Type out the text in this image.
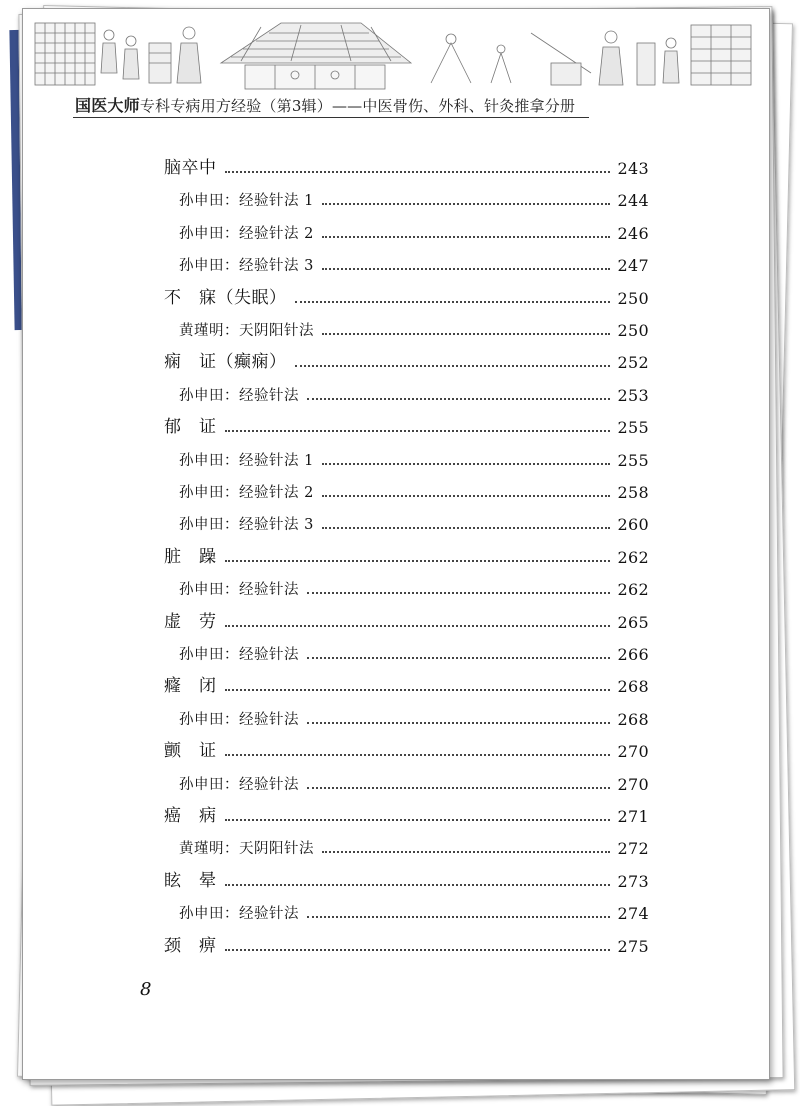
国医大师专科专病用方经验（第3辑）——中医骨伤、外科、针灸推拿分册
脑卒中	243
孙申田：经验针法 1	244
孙申田：经验针法 2	246
孙申田：经验针法 3	247
不　寐（失眠）	250
黄瑾明：天阴阳针法	250
痫　证（癫痫）	252
孙申田：经验针法	253
郁　证	255
孙申田：经验针法 1	255
孙申田：经验针法 2	258
孙申田：经验针法 3	260
脏　躁	262
孙申田：经验针法	262
虚　劳	265
孙申田：经验针法	266
癃　闭	268
孙申田：经验针法	268
颤　证	270
孙申田：经验针法	270
癌　病	271
黄瑾明：天阴阳针法	272
眩　晕	273
孙申田：经验针法	274
颈　痹	275
8
